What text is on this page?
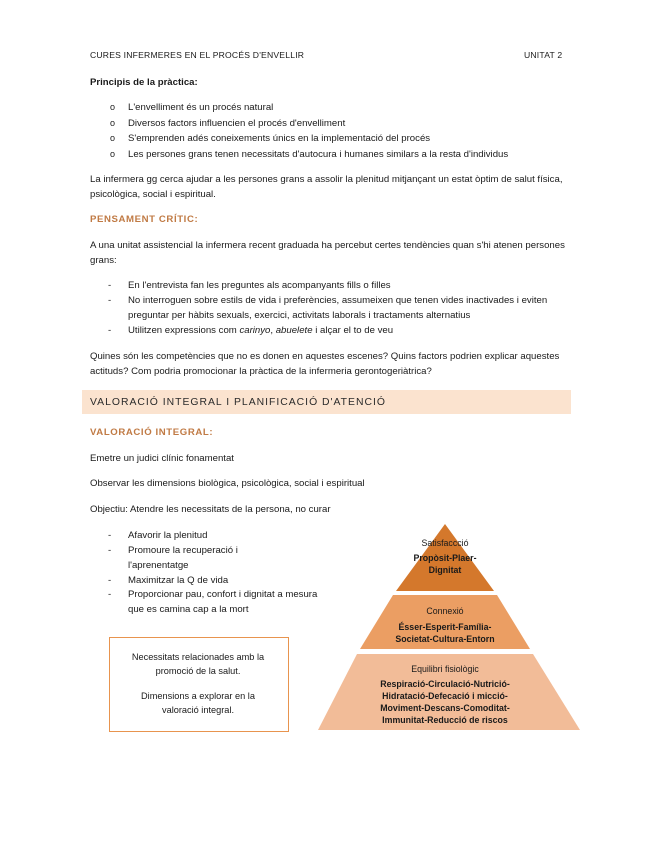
CURES INFERMERES EN EL PROCÉS D'ENVELLIR	UNITAT 2
Principis de la pràctica:
o L'envelliment és un procés natural
o Diversos factors influencien el procés d'envelliment
o S'emprenden adés coneixements únics en la implementació del procés
o Les persones grans tenen necessitats d'autocura i humanes similars a la resta d'individus
La infermera gg cerca ajudar a les persones grans a assolir la plenitud mitjançant un estat òptim de salut física, psicològica, social i espiritual.
PENSAMENT CRÍTIC:
A una unitat assistencial la infermera recent graduada ha percebut certes tendències quan s'hi atenen persones grans:
- En l'entrevista fan les preguntes als acompanyants fills o filles
- No interroguen sobre estils de vida i preferències, assumeixen que tenen vides inactivades i eviten preguntar per hàbits sexuals, exercici, activitats laborals i tractaments alternatius
- Utilitzen expressions com carinyo, abuelete i alçar el to de veu
Quines són les competències que no es donen en aquestes escenes? Quins factors podrien explicar aquestes actituds? Com podria promocionar la pràctica de la infermeria gerontogeriàtrica?
VALORACIÓ INTEGRAL I PLANIFICACIÓ D'ATENCIÓ
VALORACIÓ INTEGRAL:
Emetre un judici clínic fonamentat
Observar les dimensions biològica, psicològica, social i espiritual
Objectiu: Atendre les necessitats de la persona, no curar
- Afavorir la plenitud
- Promoure la recuperació i l'aprenentatge
- Maximitzar la Q de vida
- Proporcionar pau, confort i dignitat a mesura que es camina cap a la mort
Necessitats relacionades amb la promoció de la salut.
Dimensions a explorar en la valoració integral.
Satisfaccció
Propòsit-Plaer-Dignitat
Connexió
Ésser-Esperit-Família-Societat-Cultura-Entorn
Equilibri fisiològic
Respiració-Circulació-Nutrició-Hidratació-Defecació i micció-Moviment-Descans-Comoditat-Immunitat-Reducció de riscos
